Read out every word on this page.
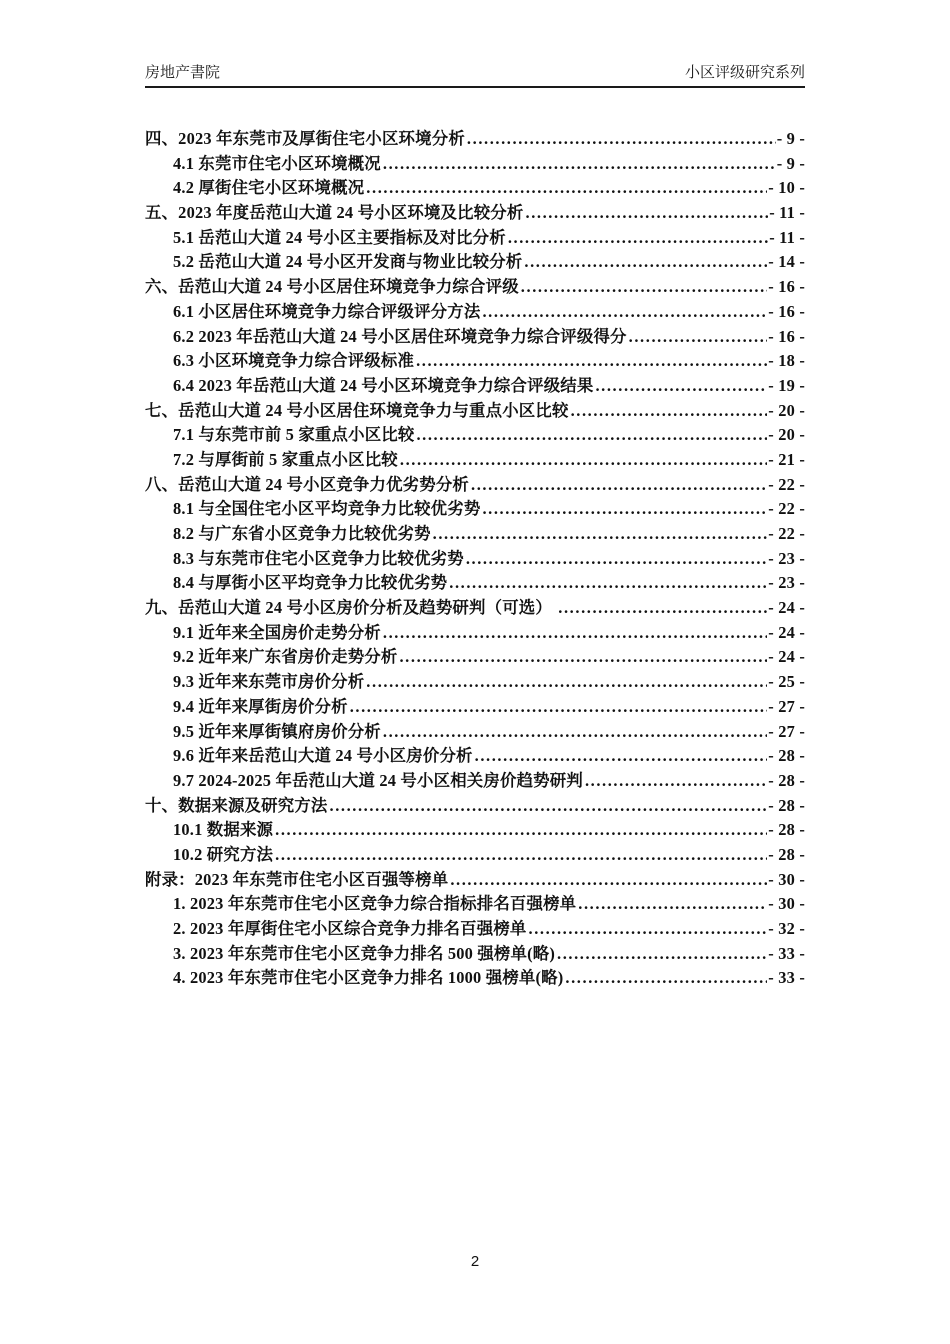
房地产書院	小区评级研究系列
四、2023 年东莞市及厚街住宅小区环境分析 .....	- 9 -
4.1 东莞市住宅小区环境概况 .....	- 9 -
4.2 厚街住宅小区环境概况 .....	- 10 -
五、2023 年度岳范山大道 24 号小区环境及比较分析 .....	- 11 -
5.1 岳范山大道 24 号小区主要指标及对比分析 .....	- 11 -
5.2 岳范山大道 24 号小区开发商与物业比较分析 .....	- 14 -
六、岳范山大道 24 号小区居住环境竞争力综合评级 .....	- 16 -
6.1 小区居住环境竞争力综合评级评分方法 .....	- 16 -
6.2 2023 年岳范山大道 24 号小区居住环境竞争力综合评级得分 .....	- 16 -
6.3 小区环境竞争力综合评级标准 .....	- 18 -
6.4 2023 年岳范山大道 24 号小区环境竞争力综合评级结果 .....	- 19 -
七、岳范山大道 24 号小区居住环境竞争力与重点小区比较 .....	- 20 -
7.1 与东莞市前 5 家重点小区比较 .....	- 20 -
7.2 与厚街前 5 家重点小区比较 .....	- 21 -
八、岳范山大道 24 号小区竞争力优劣势分析 .....	- 22 -
8.1 与全国住宅小区平均竞争力比较优劣势 .....	- 22 -
8.2 与广东省小区竞争力比较优劣势 .....	- 22 -
8.3 与东莞市住宅小区竞争力比较优劣势 .....	- 23 -
8.4 与厚街小区平均竞争力比较优劣势 .....	- 23 -
九、岳范山大道 24 号小区房价分析及趋势研判（可选） .....	- 24 -
9.1 近年来全国房价走势分析 .....	- 24 -
9.2 近年来广东省房价走势分析 .....	- 24 -
9.3 近年来东莞市房价分析 .....	- 25 -
9.4 近年来厚街房价分析 .....	- 27 -
9.5 近年来厚街镇府房价分析 .....	- 27 -
9.6 近年来岳范山大道 24 号小区房价分析 .....	- 28 -
9.7 2024-2025 年岳范山大道 24 号小区相关房价趋势研判 .....	- 28 -
十、数据来源及研究方法 .....	- 28 -
10.1 数据来源 .....	- 28 -
10.2 研究方法 .....	- 28 -
附录：2023 年东莞市住宅小区百强等榜单 .....	- 30 -
1. 2023 年东莞市住宅小区竞争力综合指标排名百强榜单 .....	- 30 -
2. 2023 年厚街住宅小区综合竞争力排名百强榜单 .....	- 32 -
3. 2023 年东莞市住宅小区竞争力排名 500 强榜单(略) .....	- 33 -
4. 2023 年东莞市住宅小区竞争力排名 1000 强榜单(略) .....	- 33 -
2
